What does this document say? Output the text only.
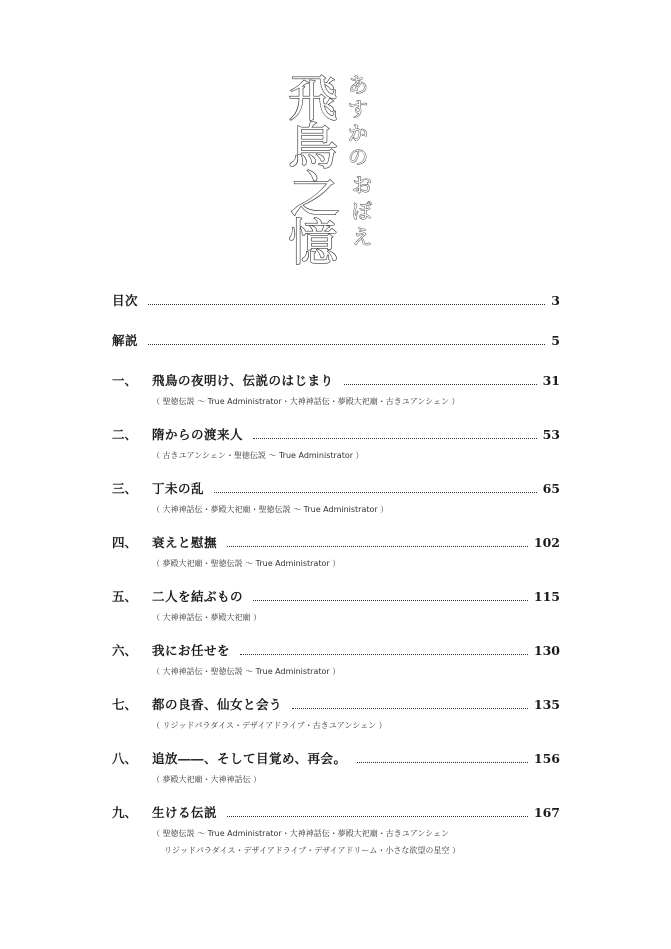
飛
鳥
之
憶
あ
す
か
の
お
ぼ
え
目次	3
解説	5
一、	飛鳥の夜明け、伝説のはじまり	31
（ 聖徳伝説 ～ True Administrator・大神神話伝・夢殿大祀廟・古きユアンシェン ）
二、	隋からの渡来人	53
（ 古きユアンシェン・聖徳伝説 ～ True Administrator ）
三、	丁未の乱	65
（ 大神神話伝・夢殿大祀廟・聖徳伝説 ～ True Administrator ）
四、	衰えと慰撫	102
（ 夢殿大祀廟・聖徳伝説 ～ True Administrator ）
五、	二人を結ぶもの	115
（ 大神神話伝・夢殿大祀廟 ）
六、	我にお任せを	130
（ 大神神話伝・聖徳伝説 ～ True Administrator ）
七、	都の良香、仙女と会う	135
（ リジッドパラダイス・デザイアドライブ・古きユアンシェン ）
八、	追放――、そして目覚め、再会。	156
（ 夢殿大祀廟・大神神話伝 ）
九、	生ける伝説	167
（ 聖徳伝説 ～ True Administrator・大神神話伝・夢殿大祀廟・古きユアンシェン
リジッドパラダイス・デザイアドライブ・デザイアドリーム・小さな欲望の星空 ）
